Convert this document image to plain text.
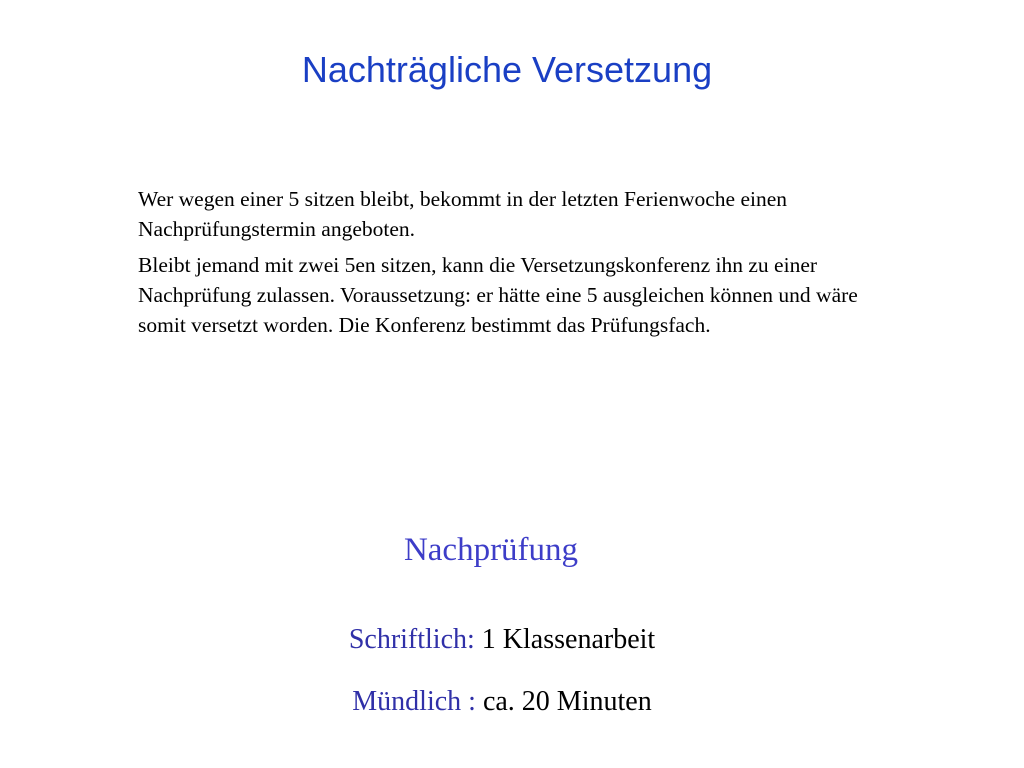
Nachträgliche Versetzung

Wer wegen einer 5 sitzen bleibt, bekommt in der letzten Ferienwoche einen Nachprüfungstermin angeboten.

Bleibt jemand mit zwei 5en sitzen, kann die Versetzungskonferenz ihn zu einer Nachprüfung zulassen. Voraussetzung: er hätte eine 5 ausgleichen können und wäre somit versetzt worden. Die Konferenz bestimmt das Prüfungsfach.

Nachprüfung
Schriftlich: 1 Klassenarbeit
Mündlich : ca. 20 Minuten
